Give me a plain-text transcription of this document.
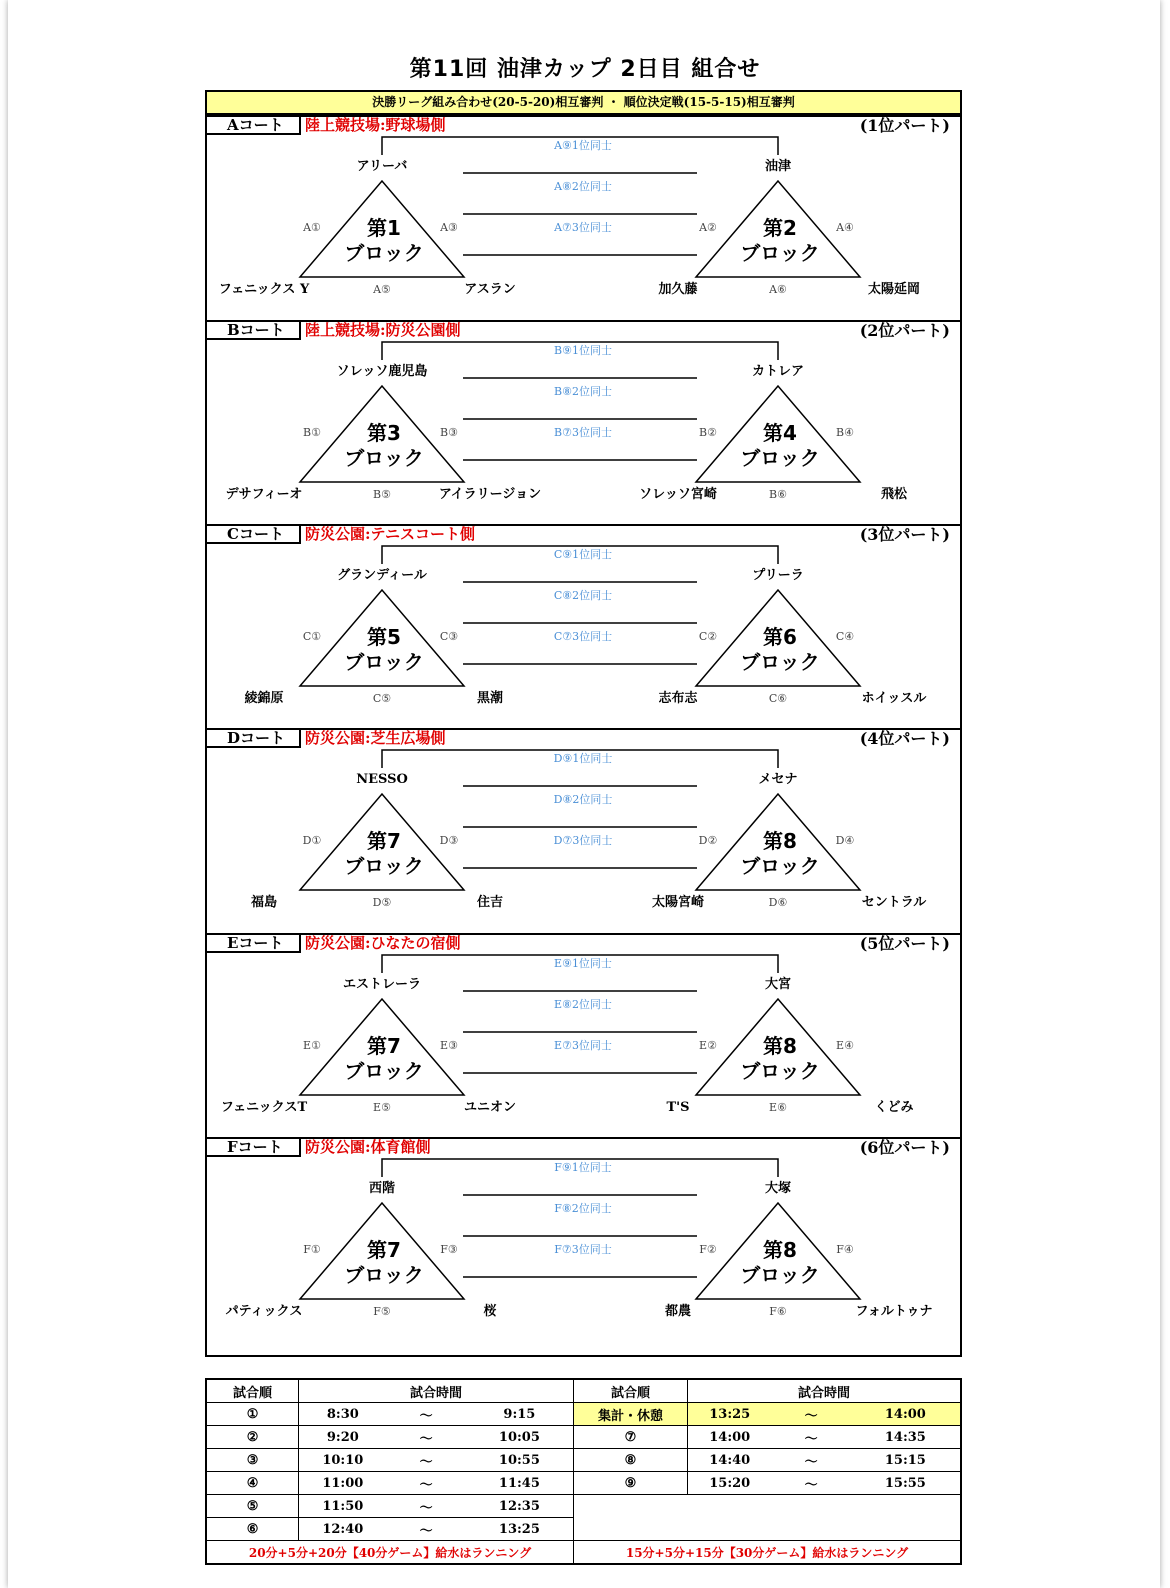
第11回 油津カップ 2日目 組合せ
決勝リーグ組み合わせ(20-5-20)相互審判 ・ 順位決定戦(15-5-15)相互審判
Aコート	陸上競技場:野球場側	(1位パート)
A⑨1位同士
A⑧2位同士
A⑦3位同士
第1
ブロック
アリーバ
フェニックス Y	アスラン
A①	A③
A⑤
第2
ブロック
油津
加久藤	太陽延岡
A②	A④
A⑥
Bコート	陸上競技場:防災公園側	(2位パート)
B⑨1位同士
B⑧2位同士
B⑦3位同士
第3
ブロック
ソレッソ鹿児島
デサフィーオ	アイラリージョン
B①	B③
B⑤
第4
ブロック
カトレア
ソレッソ宮崎	飛松
B②	B④
B⑥
Cコート	防災公園:テニスコート側	(3位パート)
C⑨1位同士
C⑧2位同士
C⑦3位同士
第5
ブロック
グランディール
綾錦原	黒潮
C①	C③
C⑤
第6
ブロック
プリーラ
志布志	ホイッスル
C②	C④
C⑥
Dコート	防災公園:芝生広場側	(4位パート)
D⑨1位同士
D⑧2位同士
D⑦3位同士
第7
ブロック
NESSO
福島	住吉
D①	D③
D⑤
第8
ブロック
メセナ
太陽宮崎	セントラル
D②	D④
D⑥
Eコート	防災公園:ひなたの宿側	(5位パート)
E⑨1位同士
E⑧2位同士
E⑦3位同士
第7
ブロック
エストレーラ
フェニックスT	ユニオン
E①	E③
E⑤
第8
ブロック
大宮
T'S	くどみ
E②	E④
E⑥
Fコート	防災公園:体育館側	(6位パート)
F⑨1位同士
F⑧2位同士
F⑦3位同士
第7
ブロック
西階
パティックス	桜
F①	F③
F⑤
第8
ブロック
大塚
都農	フォルトゥナ
F②	F④
F⑥
試合順	試合時間			試合順	試合時間		
①	8:30	〜	9:15	集計・休憩	13:25	〜	14:00
②	9:20	〜	10:05	⑦	14:00	〜	14:35
③	10:10	〜	10:55	⑧	14:40	〜	15:15
④	11:00	〜	11:45	⑨	15:20	〜	15:55
⑤	11:50	〜	12:35				
⑥	12:40	〜	13:25				
20分+5分+20分【40分ゲーム】給水はランニング				15分+5分+15分【30分ゲーム】給水はランニング			
